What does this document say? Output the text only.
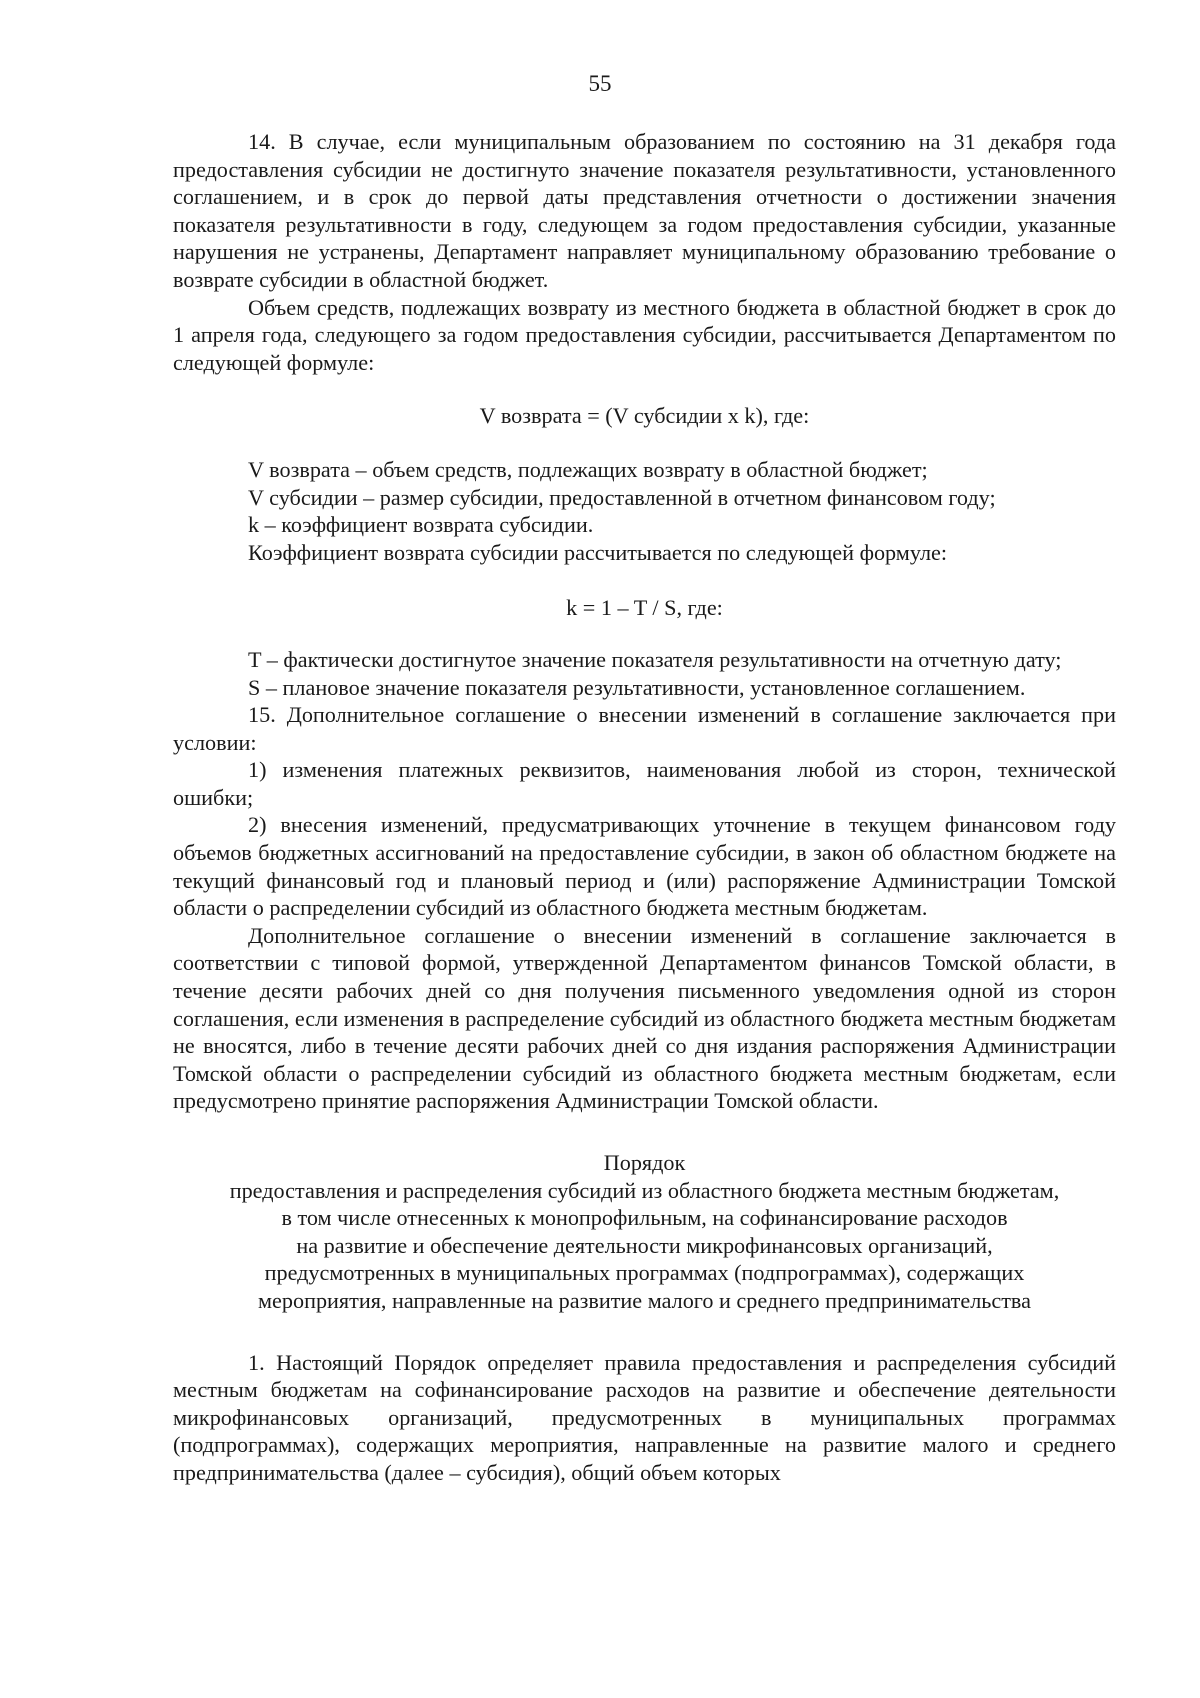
55

14. В случае, если муниципальным образованием по состоянию на 31 декабря года предоставления субсидии не достигнуто значение показателя результативности, установленного соглашением, и в срок до первой даты представления отчетности о достижении значения показателя результативности в году, следующем за годом предоставления субсидии, указанные нарушения не устранены, Департамент направляет муниципальному образованию требование о возврате субсидии в областной бюджет.

Объем средств, подлежащих возврату из местного бюджета в областной бюджет в срок до 1 апреля года, следующего за годом предоставления субсидии, рассчитывается Департаментом по следующей формуле:

V возврата = (V субсидии x k), где:

V возврата – объем средств, подлежащих возврату в областной бюджет;

V субсидии – размер субсидии, предоставленной в отчетном финансовом году;

k – коэффициент возврата субсидии.

Коэффициент возврата субсидии рассчитывается по следующей формуле:

k = 1 – T / S, где:

T – фактически достигнутое значение показателя результативности на отчетную дату;

S – плановое значение показателя результативности, установленное соглашением.

15. Дополнительное соглашение о внесении изменений в соглашение заключается при условии:

1) изменения платежных реквизитов, наименования любой из сторон, технической ошибки;

2) внесения изменений, предусматривающих уточнение в текущем финансовом году объемов бюджетных ассигнований на предоставление субсидии, в закон об областном бюджете на текущий финансовый год и плановый период и (или) распоряжение Администрации Томской области о распределении субсидий из областного бюджета местным бюджетам.

Дополнительное соглашение о внесении изменений в соглашение заключается в соответствии с типовой формой, утвержденной Департаментом финансов Томской области, в течение десяти рабочих дней со дня получения письменного уведомления одной из сторон соглашения, если изменения в распределение субсидий из областного бюджета местным бюджетам не вносятся, либо в течение десяти рабочих дней со дня издания распоряжения Администрации Томской области о распределении субсидий из областного бюджета местным бюджетам, если предусмотрено принятие распоряжения Администрации Томской области.

Порядок
предоставления и распределения субсидий из областного бюджета местным бюджетам,
в том числе отнесенных к монопрофильным, на софинансирование расходов
на развитие и обеспечение деятельности микрофинансовых организаций,
предусмотренных в муниципальных программах (подпрограммах), содержащих
мероприятия, направленные на развитие малого и среднего предпринимательства

1. Настоящий Порядок определяет правила предоставления и распределения субсидий местным бюджетам на софинансирование расходов на развитие и обеспечение деятельности микрофинансовых организаций, предусмотренных в муниципальных программах (подпрограммах), содержащих мероприятия, направленные на развитие малого и среднего предпринимательства (далее – субсидия), общий объем которых
